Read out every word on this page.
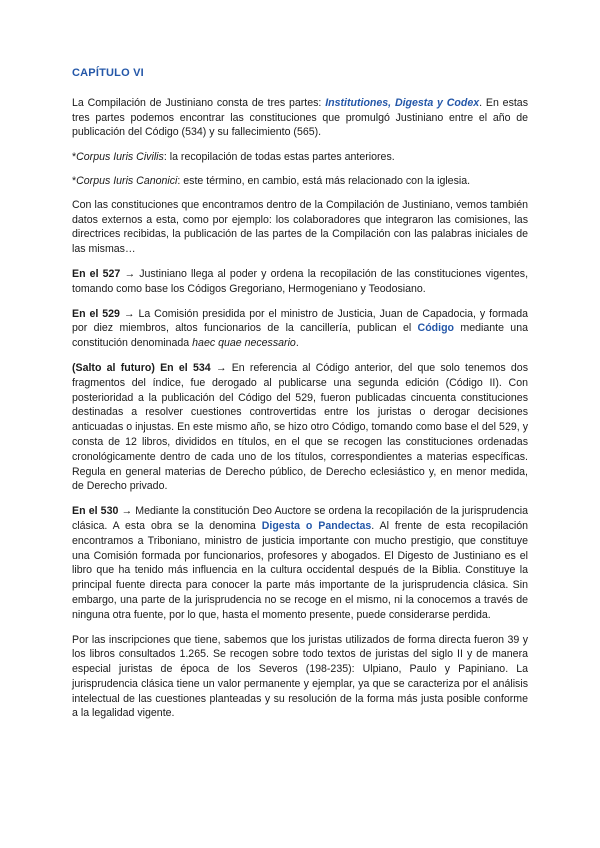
CAPÍTULO VI

La Compilación de Justiniano consta de tres partes: Institutiones, Digesta y Codex. En estas tres partes podemos encontrar las constituciones que promulgó Justiniano entre el año de publicación del Código (534) y su fallecimiento (565).

*Corpus Iuris Civilis: la recopilación de todas estas partes anteriores.

*Corpus Iuris Canonici: este término, en cambio, está más relacionado con la iglesia.

Con las constituciones que encontramos dentro de la Compilación de Justiniano, vemos también datos externos a esta, como por ejemplo: los colaboradores que integraron las comisiones, las directrices recibidas, la publicación de las partes de la Compilación con las palabras iniciales de las mismas…

En el 527 → Justiniano llega al poder y ordena la recopilación de las constituciones vigentes, tomando como base los Códigos Gregoriano, Hermogeniano y Teodosiano.

En el 529 → La Comisión presidida por el ministro de Justicia, Juan de Capadocia, y formada por diez miembros, altos funcionarios de la cancillería, publican el Código mediante una constitución denominada haec quae necessario.

(Salto al futuro) En el 534 → En referencia al Código anterior, del que solo tenemos dos fragmentos del índice, fue derogado al publicarse una segunda edición (Código II). Con posterioridad a la publicación del Código del 529, fueron publicadas cincuenta constituciones destinadas a resolver cuestiones controvertidas entre los juristas o derogar decisiones anticuadas o injustas. En este mismo año, se hizo otro Código, tomando como base el del 529, y consta de 12 libros, divididos en títulos, en el que se recogen las constituciones ordenadas cronológicamente dentro de cada uno de los títulos, correspondientes a materias específicas. Regula en general materias de Derecho público, de Derecho eclesiástico y, en menor medida, de Derecho privado.

En el 530 → Mediante la constitución Deo Auctore se ordena la recopilación de la jurisprudencia clásica. A esta obra se la denomina Digesta o Pandectas. Al frente de esta recopilación encontramos a Triboniano, ministro de justicia importante con mucho prestigio, que constituye una Comisión formada por funcionarios, profesores y abogados. El Digesto de Justiniano es el libro que ha tenido más influencia en la cultura occidental después de la Biblia. Constituye la principal fuente directa para conocer la parte más importante de la jurisprudencia clásica. Sin embargo, una parte de la jurisprudencia no se recoge en el mismo, ni la conocemos a través de ninguna otra fuente, por lo que, hasta el momento presente, puede considerarse perdida.

Por las inscripciones que tiene, sabemos que los juristas utilizados de forma directa fueron 39 y los libros consultados 1.265. Se recogen sobre todo textos de juristas del siglo II y de manera especial juristas de época de los Severos (198-235): Ulpiano, Paulo y Papiniano. La jurisprudencia clásica tiene un valor permanente y ejemplar, ya que se caracteriza por el análisis intelectual de las cuestiones planteadas y su resolución de la forma más justa posible conforme a la legalidad vigente.
